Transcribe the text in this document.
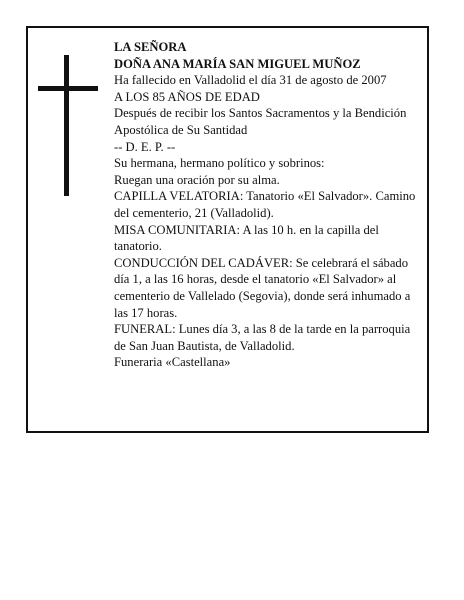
LA SEÑORA

DOÑA ANA MARÍA SAN MIGUEL MUÑOZ

Ha fallecido en Valladolid el día 31 de agosto de 2007

A LOS 85 AÑOS DE EDAD

Después de recibir los Santos Sacramentos y la Bendición Apostólica de Su Santidad

-- D. E. P. --

Su hermana, hermano político y sobrinos:

Ruegan una oración por su alma.

CAPILLA VELATORIA: Tanatorio «El Salvador». Camino del cementerio, 21 (Valladolid).

MISA COMUNITARIA: A las 10 h. en la capilla del tanatorio.

CONDUCCIÓN DEL CADÁVER: Se celebrará el sábado día 1, a las 16 horas, desde el tanatorio «El Salvador» al cementerio de Vallelado (Segovia), donde será inhumado a las 17 horas.

FUNERAL: Lunes día 3, a las 8 de la tarde en la parroquia de San Juan Bautista, de Valladolid.

Funeraria «Castellana»
